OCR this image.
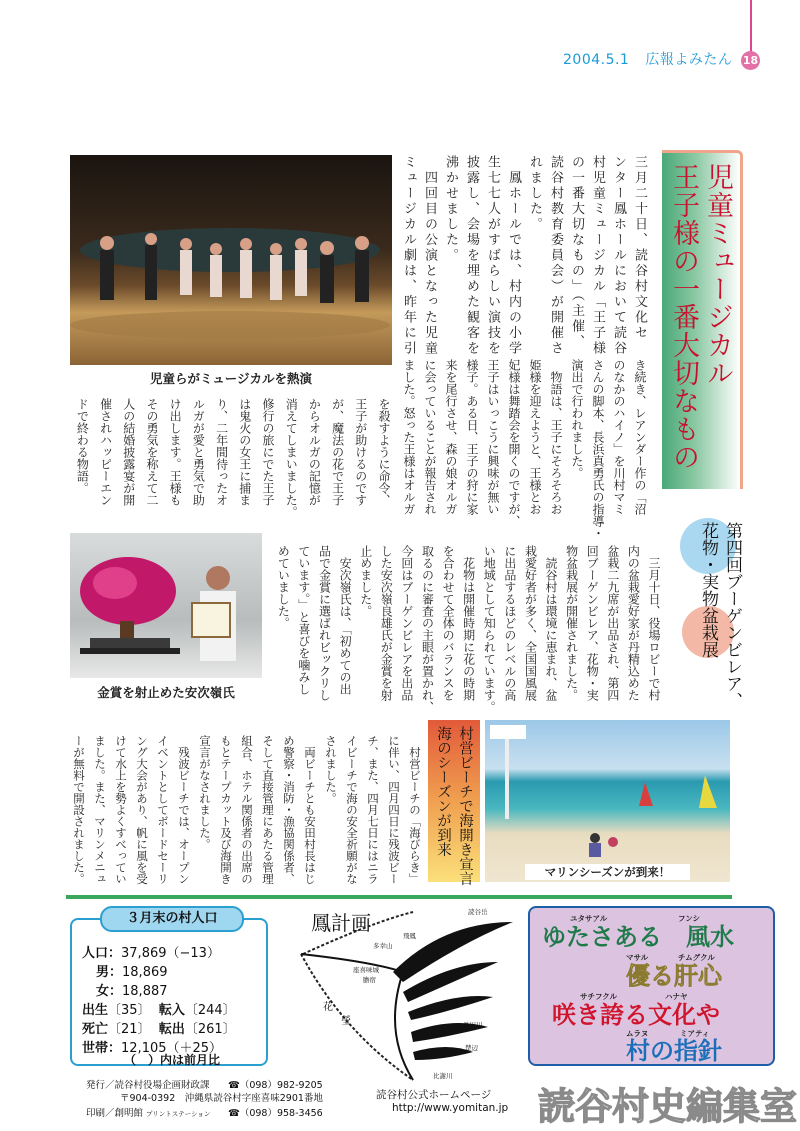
2004.5.1 広報よみたん 18
児童らがミュージカルを熱演	児童ミュージカル
王子様の一番大切なもの
三月二十日、読谷村文化セ
ンター鳳ホールにおいて読谷
村児童ミュージカル「王子様
の一番大切なもの」（主催、
読谷村教育委員会）が開催さ
れました。
　鳳ホールでは、村内の小学
生七七人がすばらしい演技を
披露し、会場を埋めた観客を
沸かせました。
　四回目の公演となった児童
ミュージカル劇は、昨年に引
き続き、レアンダー作の「沼
のなかのハイノ」を川村マミ
さんの脚本、長浜真勇氏の指導・
演出で行われました。
　物語は、王子にそろそろお
姫様を迎えようと、王様とお
妃様は舞踏会を開くのですが、
王子はいっこうに興味が無い
様子。ある日、王子の狩に家
来を尾行させ、森の娘オルガ
に会っていることが報告され
ました。怒った王様はオルガ
を殺すように命令、
王子が助けるのです
が、魔法の花で王子
からオルガの記憶が
消えてしまいました。
修行の旅にでた王子
は鬼火の女王に捕ま
り、二年間待ったオ
ルガが愛と勇気で助
け出します。王様も
その勇気を称えて二
人の結婚披露宴が開
催されハッピーエン
ドで終わる物語。
金賞を射止めた安次嶺氏	第四回ブーゲンビレア、
花物・実物盆栽展
　三月十日、役場ロビーで村
内の盆栽愛好家が丹精込めた
盆栽二九席が出品され、第四
回ブーゲンビレア、花物・実
物盆栽展が開催されました。
　読谷村は環境に恵まれ、盆
栽愛好者が多く、全国国風展
に出品するほどのレベルの高
い地域として知られています。
　花物は開催時期に花の時期
を合わせて全体のバランスを
取るのに審査の主眼が置かれ、
今回はブーゲンビレアを出品
した安次嶺良雄氏が金賞を射
止めました。
　安次嶺氏は、「初めての出
品で金賞に選ばれビックリし
ています。」と喜びを噛みし
めていました。
村営ビーチで海開き宣言
海のシーズンが到来
マリンシーズンが到来！
　村営ビーチの「海びらき」
に伴い、四月四日に残波ビー
チ、また、四月七日にはニラ
イビーチで海の安全祈願がな
されました。
　両ビーチとも安田村長はじ
め警察・消防・漁協関係者、
そして直接管理にあたる管理
組合、ホテル関係者の出席の
もとテープカット及び海開き
宣言がなされました。
　残波ビーチでは、オープン
イベントとしてボードセーリ
ング大会があり、帆に風を受
けて水上を勢よくすべってい
ました。また、マリンメニュ
ーが無料で開設されました。
人口：37,869（−13）
男：18,869
女：18,887
出生〔35〕 転入〔244〕
死亡〔21〕 転出〔261〕
世帯：12,105（＋25）
（　）内は前月比
３月末の村人口	鳳計画	読谷岳
飛鳳
多幸山
座喜味城
膽宿
花
瑩	長田川
楚辺
比謝川
ユタサアル	フンシ
ゆたさある　風水
マサル	チムグクル
優る肝心
サチフクル	ハナヤ
咲き誇る文化や
ムラヌ	ミアティ
村の指針
発行／読谷村役場企画財政課 ☎（098）982-9205
〒904-0392　沖縄県読谷村字座喜味2901番地
印刷／創明館 プリントステーション ☎（098）958-3456
読谷村公式ホームページ
http://www.yomitan.jp 読谷村史編集室
